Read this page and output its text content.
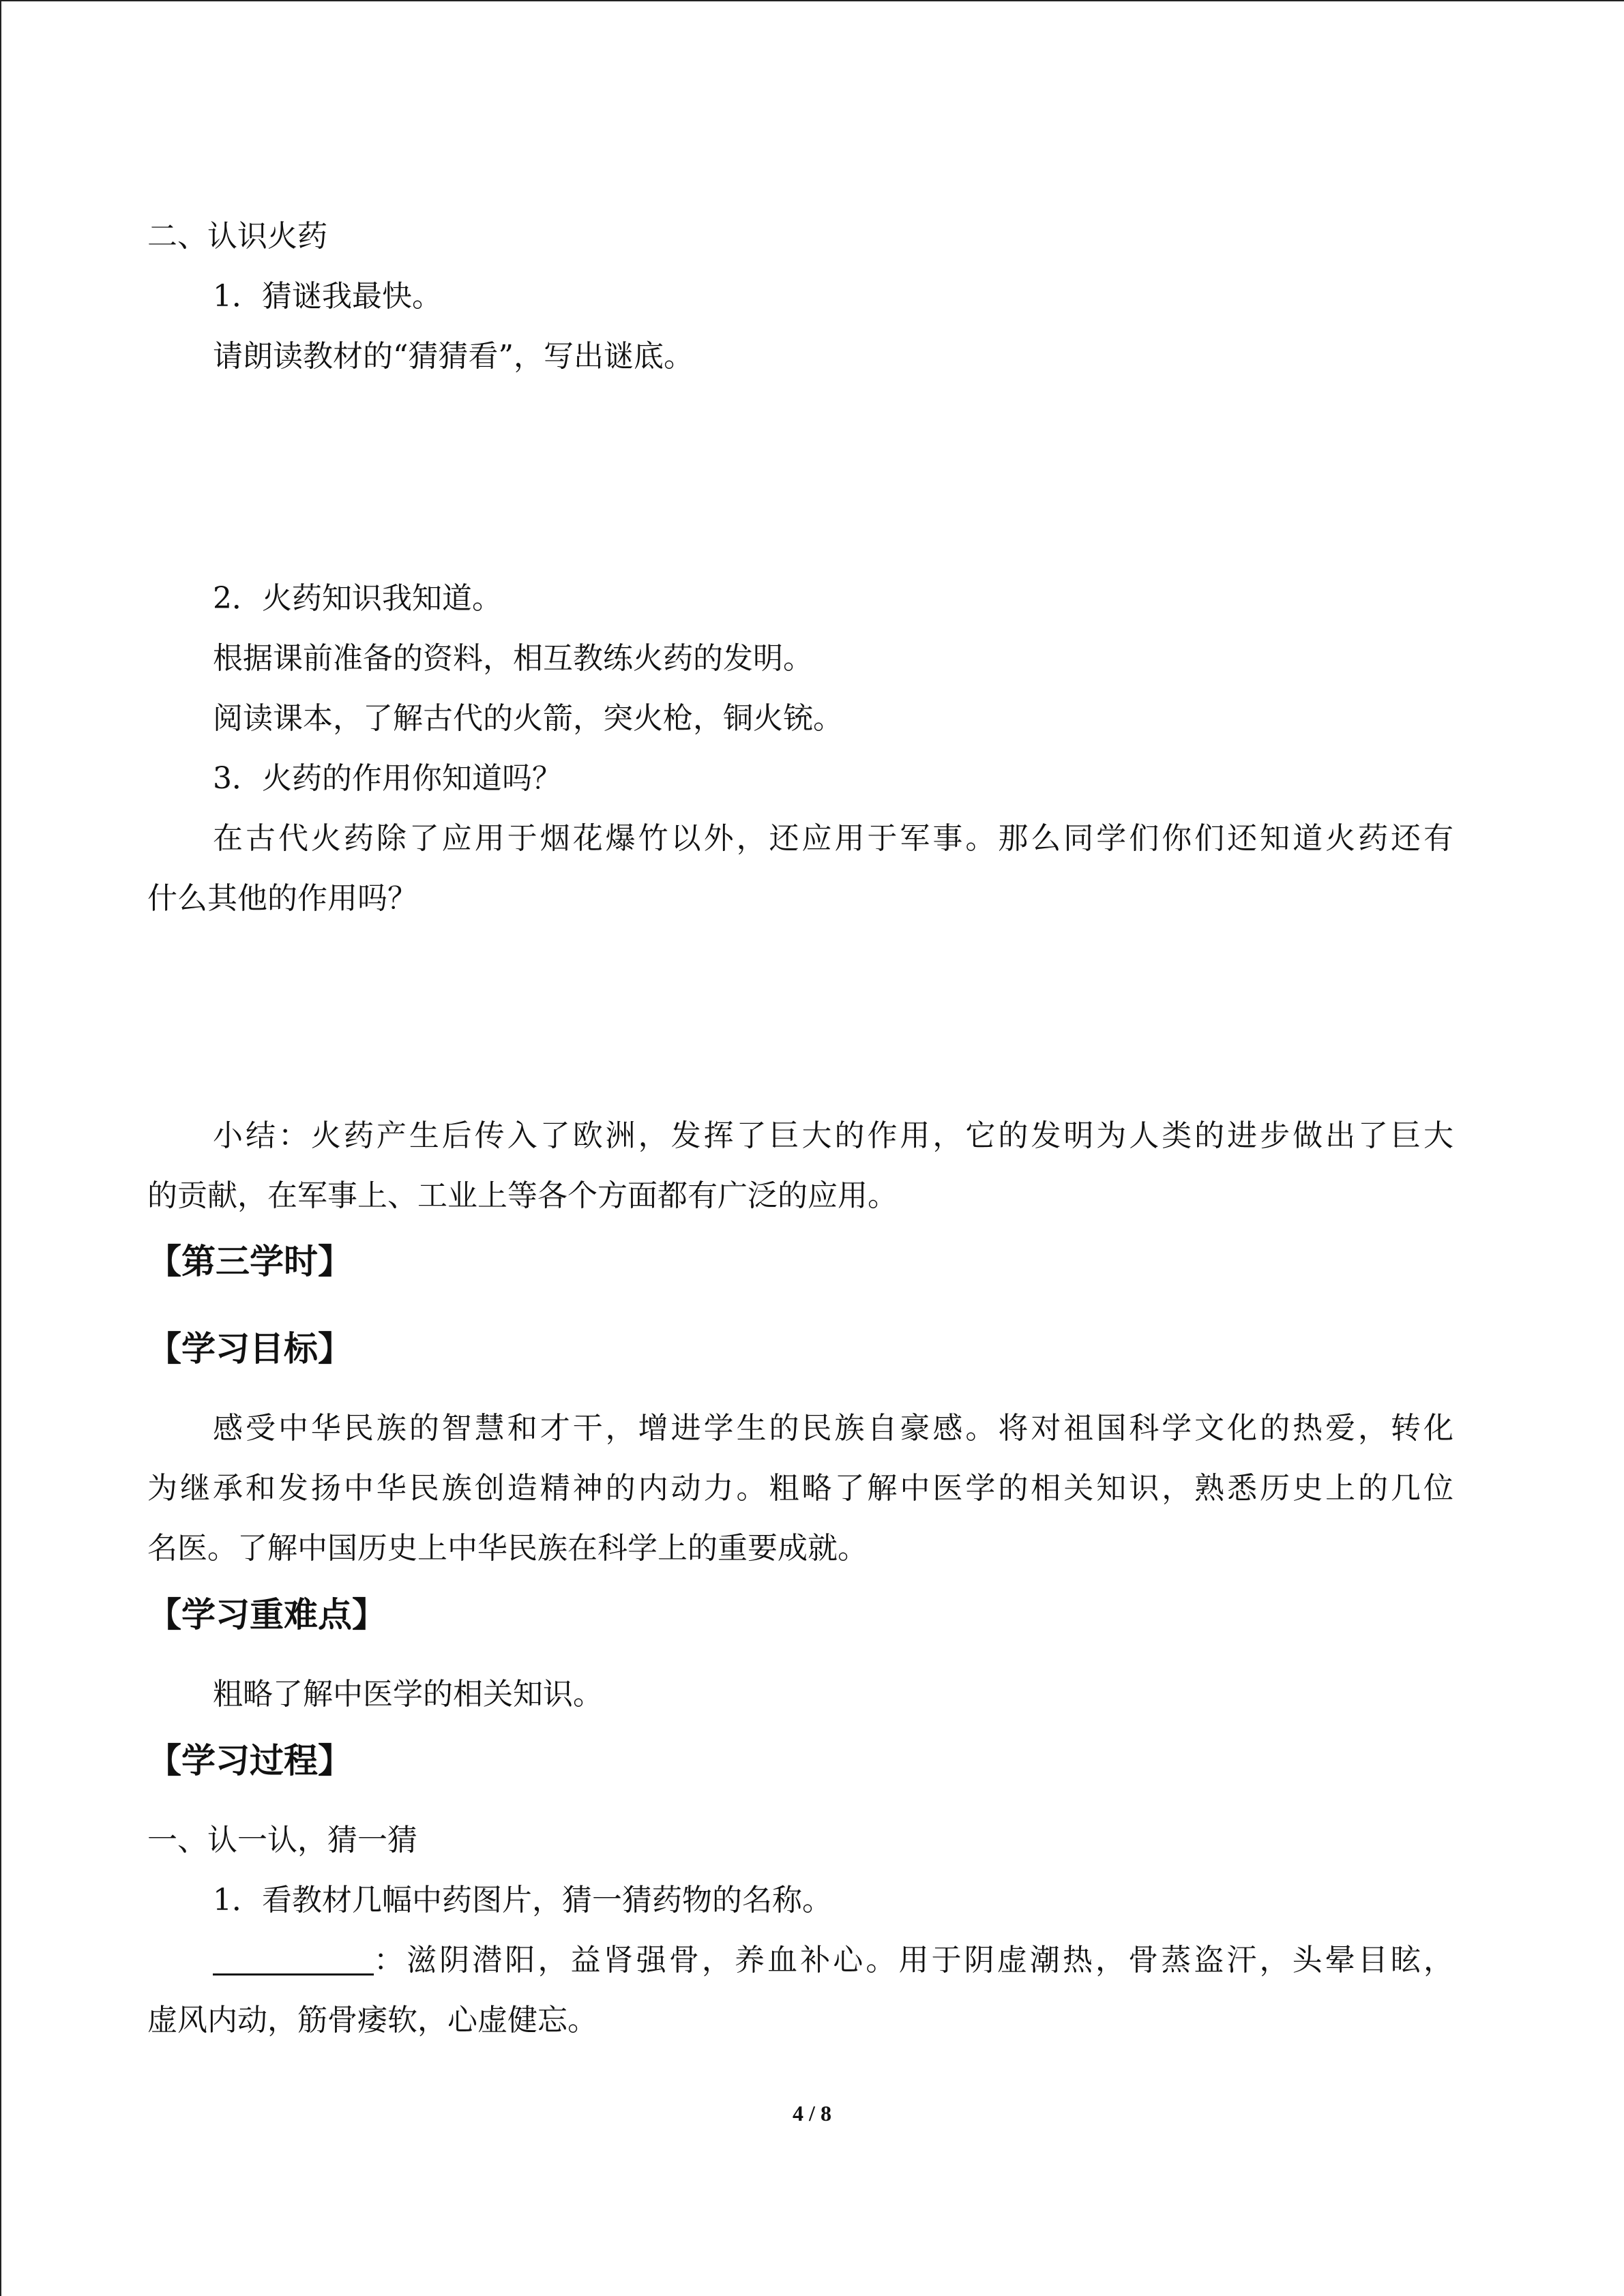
二、认识火药
1．猜谜我最快。
请朗读教材的“猜猜看”，写出谜底。
2．火药知识我知道。
根据课前准备的资料，相互教练火药的发明。
阅读课本，了解古代的火箭，突火枪，铜火铳。
3．火药的作用你知道吗？
在古代火药除了应用于烟花爆竹以外，还应用于军事。那么同学们你们还知道火药还有
什么其他的作用吗？
小结：火药产生后传入了欧洲，发挥了巨大的作用，它的发明为人类的进步做出了巨大
的贡献，在军事上、工业上等各个方面都有广泛的应用。
【第三学时】
【学习目标】
感受中华民族的智慧和才干，增进学生的民族自豪感。将对祖国科学文化的热爱，转化
为继承和发扬中华民族创造精神的内动力。粗略了解中医学的相关知识，熟悉历史上的几位
名医。了解中国历史上中华民族在科学上的重要成就。
【学习重难点】
粗略了解中医学的相关知识。
【学习过程】
一、认一认，猜一猜
1．看教材几幅中药图片，猜一猜药物的名称。
：滋阴潜阳，益肾强骨，养血补心。用于阴虚潮热，骨蒸盗汗，头晕目眩，
虚风内动，筋骨痿软，心虚健忘。
4 / 8
